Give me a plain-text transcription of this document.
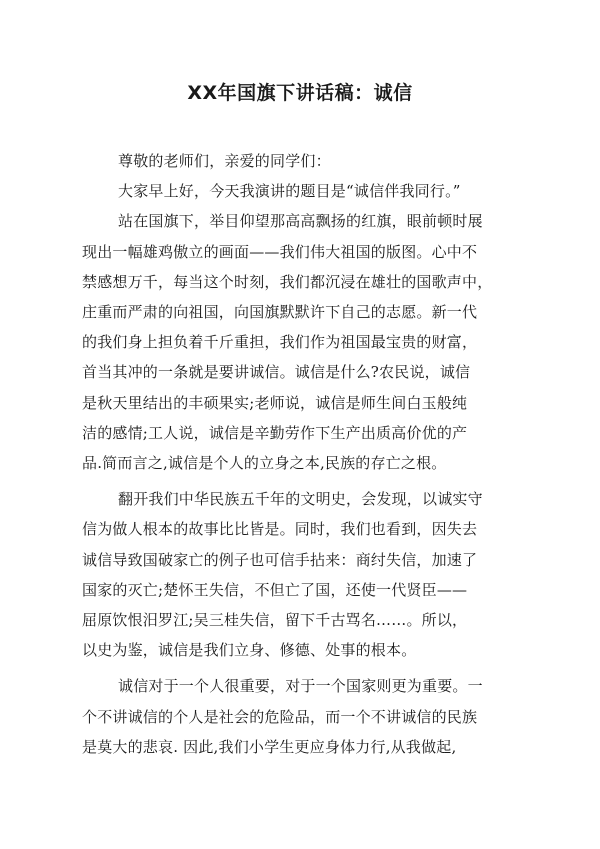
XX年国旗下讲话稿：诚信

尊敬的老师们，亲爱的同学们：

大家早上好，今天我演讲的题目是“诚信伴我同行。”

站在国旗下，举目仰望那高高飘扬的红旗，眼前顿时展
现出一幅雄鸡傲立的画面——我们伟大祖国的版图。心中不
禁感想万千，每当这个时刻，我们都沉浸在雄壮的国歌声中，
庄重而严肃的向祖国，向国旗默默许下自己的志愿。新一代
的我们身上担负着千斤重担，我们作为祖国最宝贵的财富，
首当其冲的一条就是要讲诚信。诚信是什么?农民说，诚信
是秋天里结出的丰硕果实;老师说，诚信是师生间白玉般纯
洁的感情;工人说，诚信是辛勤劳作下生产出质高价优的产
品.简而言之,诚信是个人的立身之本,民族的存亡之根。

翻开我们中华民族五千年的文明史，会发现，以诚实守
信为做人根本的故事比比皆是。同时，我们也看到，因失去
诚信导致国破家亡的例子也可信手拈来：商纣失信，加速了
国家的灭亡;楚怀王失信，不但亡了国，还使一代贤臣——
屈原饮恨汨罗江;吴三桂失信，留下千古骂名……。所以，
以史为鉴，诚信是我们立身、修德、处事的根本。

诚信对于一个人很重要，对于一个国家则更为重要。一
个不讲诚信的个人是社会的危险品，而一个不讲诚信的民族
是莫大的悲哀. 因此,我们小学生更应身体力行,从我做起,
